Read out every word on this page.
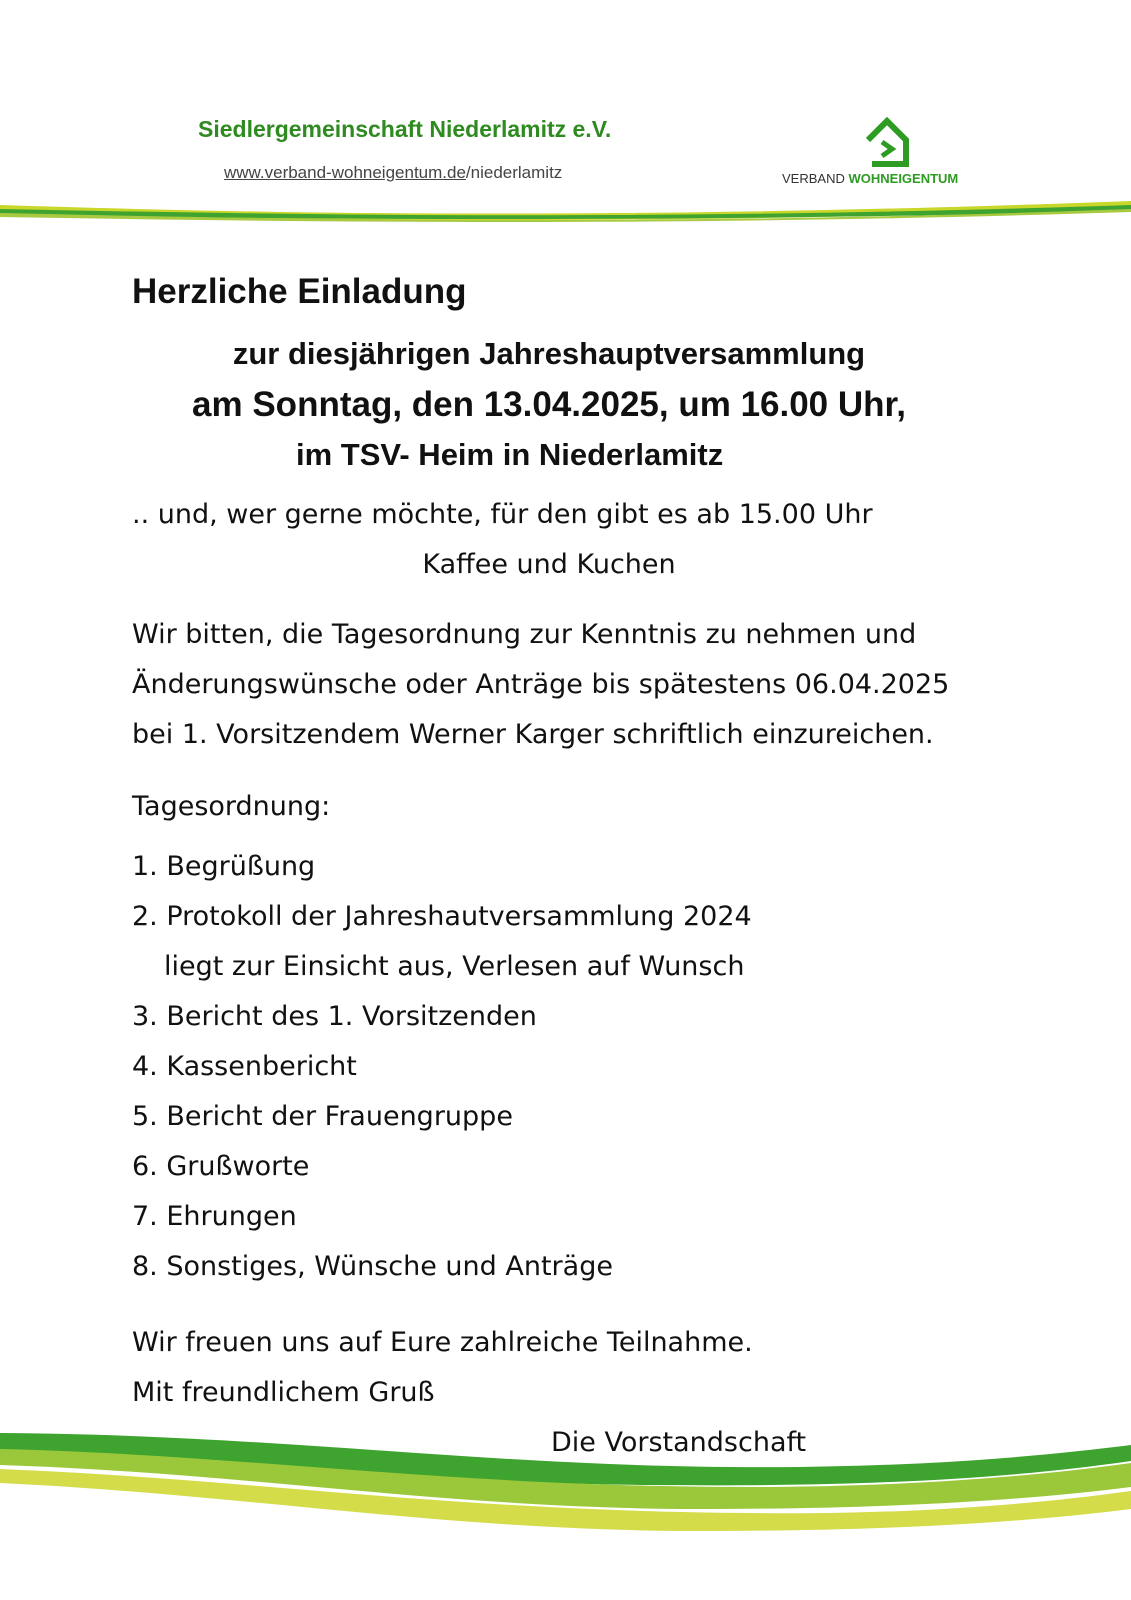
Siedlergemeinschaft Niederlamitz e.V.
www.verband-wohneigentum.de/niederlamitz	VERBAND WOHNEIGENTUM
Herzliche Einladung
zur diesjährigen Jahreshauptversammlung
am Sonntag, den 13.04.2025, um 16.00 Uhr,
im TSV- Heim in Niederlamitz
.. und, wer gerne möchte, für den gibt es ab 15.00 Uhr
Kaffee und Kuchen
Wir bitten, die Tagesordnung zur Kenntnis zu nehmen und
Änderungswünsche oder Anträge bis spätestens 06.04.2025
bei 1. Vorsitzendem Werner Karger schriftlich einzureichen.
Tagesordnung:
1. Begrüßung
2. Protokoll der Jahreshautversammlung 2024
liegt zur Einsicht aus, Verlesen auf Wunsch
3. Bericht des 1. Vorsitzenden
4. Kassenbericht
5. Bericht der Frauengruppe
6. Grußworte
7. Ehrungen
8. Sonstiges, Wünsche und Anträge
Wir freuen uns auf Eure zahlreiche Teilnahme.
Mit freundlichem Gruß
Die Vorstandschaft
